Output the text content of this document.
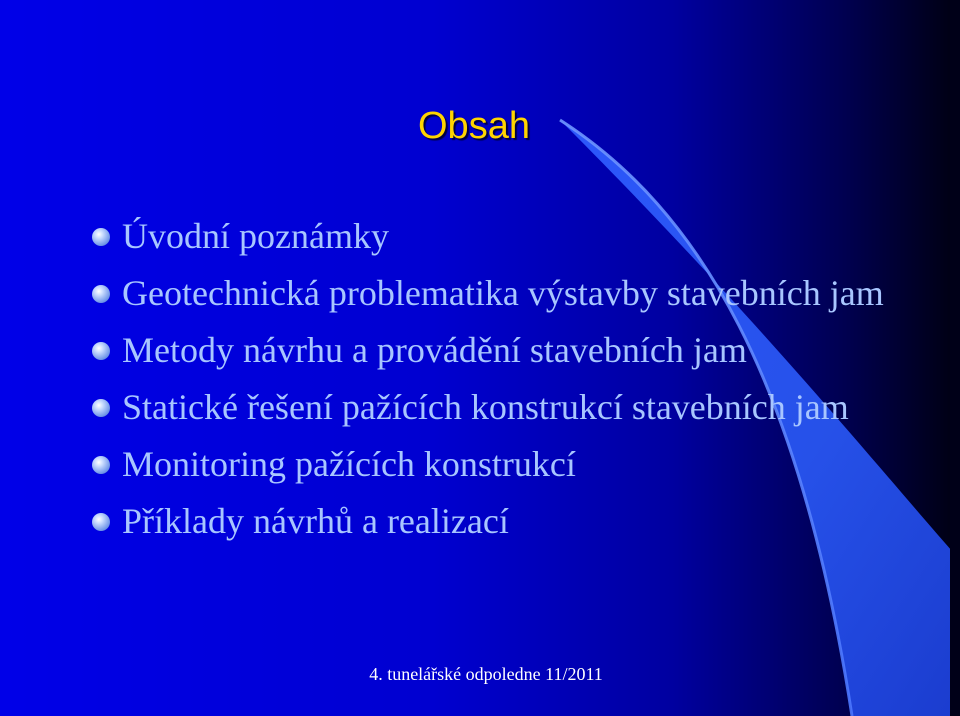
Obsah
Úvodní poznámky
Geotechnická problematika výstavby stavebních jam
Metody návrhu a provádění stavebních jam
Statické řešení pažících konstrukcí stavebních jam
Monitoring pažících konstrukcí
Příklady návrhů a realizací
4. tunelářské odpoledne 11/2011
